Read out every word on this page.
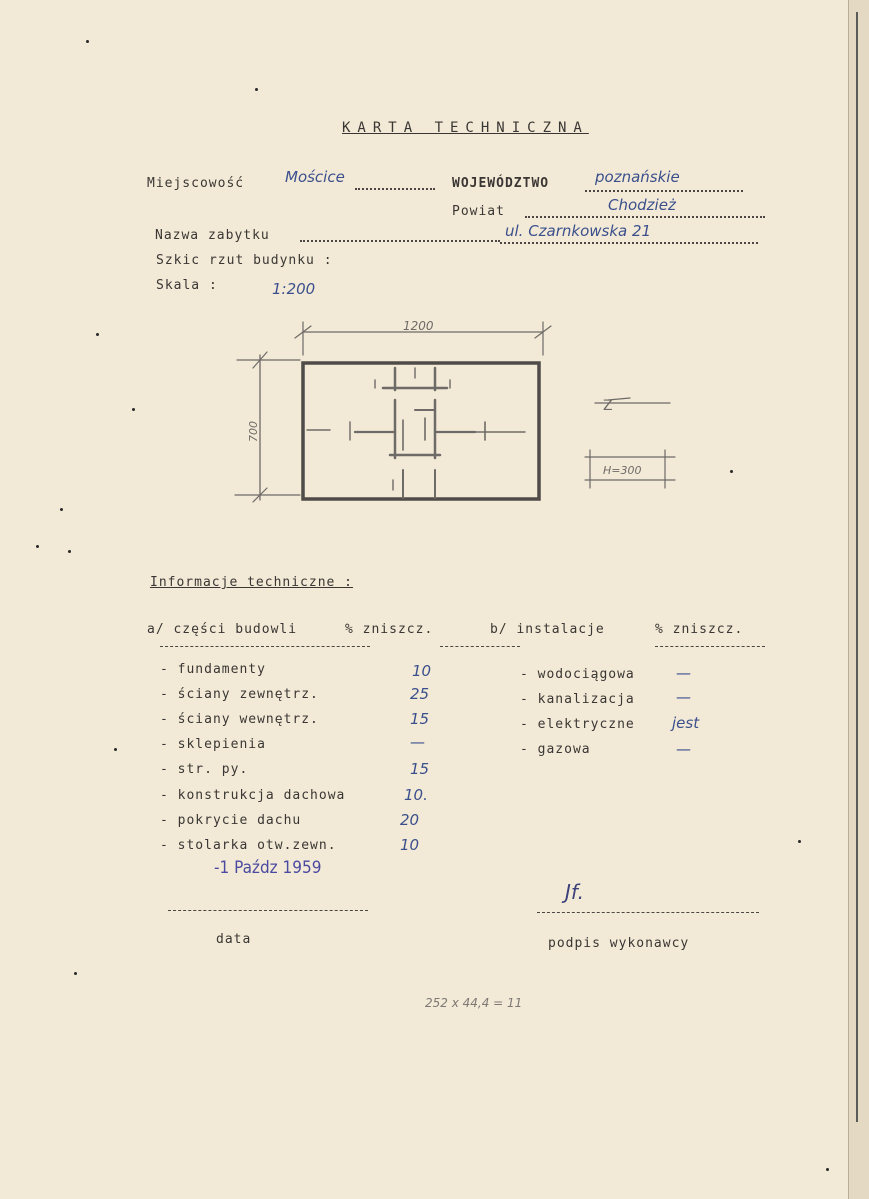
KARTA TECHNICZNA
Miejscowość	Mościce	WOJEWÓDZTWO	poznańskie
Powiat	Chodzież
Nazwa zabytku	ul. Czarnkowska 21
Szkic rzut budynku :
Skala :	1:200
1200
700
Z
H=300
Informacje techniczne :
a/ części budowli	% zniszcz.	b/ instalacje	% zniszcz.
- fundamenty	10
- ściany zewnętrz.	25
- ściany wewnętrz.	15
- sklepienia	—
- str. py.	15
- konstrukcja dachowa	10.
- pokrycie dachu	20
- stolarka otw.zewn.	10
- wodociągowa	—
- kanalizacja	—
- elektryczne jest
- gazowa	—
-1 Paźdz 1959
data
Jf.
podpis wykonawcy
252 x 44,4 = 11
